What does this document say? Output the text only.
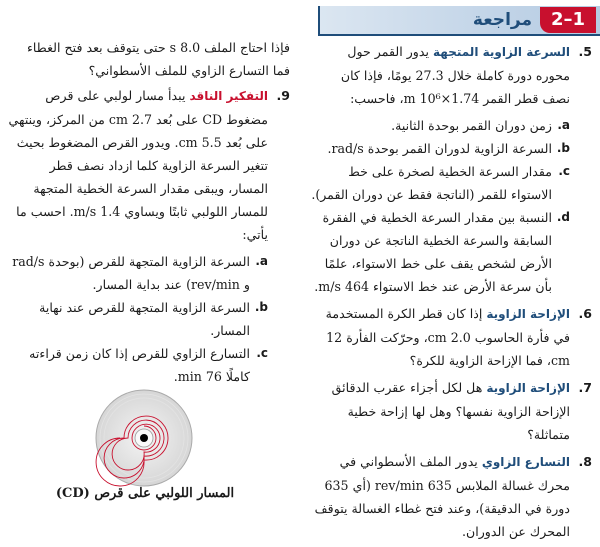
2–1
مراجعة
5.
السرعة الزاوية المتجهة يدور القمر حول محوره دورة كاملة خلال 27.3 يومًا، فإذا كان نصف قطر القمر 1.74×10⁶ m، فاحسب:
a.
زمن دوران القمر بوحدة الثانية.
b.
السرعة الزاوية لدوران القمر بوحدة rad/s.
c.
مقدار السرعة الخطية لصخرة على خط الاستواء للقمر (الناتجة فقط عن دوران القمر).
d.
النسبة بين مقدار السرعة الخطية في الفقرة السابقة والسرعة الخطية الناتجة عن دوران الأرض لشخص يقف على خط الاستواء، علمًا بأن سرعة الأرض عند خط الاستواء 464 m/s.
6.
الإزاحة الزاوية إذا كان قطر الكرة المستخدمة في فأرة الحاسوب 2.0 cm، وحرّكت الفأرة 12 cm، فما الإزاحة الزاوية للكرة؟
7.
الإزاحة الزاوية هل لكل أجزاء عقرب الدقائق الإزاحة الزاوية نفسها؟ وهل لها إزاحة خطية متماثلة؟
8.
التسارع الزاوي يدور الملف الأسطواني في محرك غسالة الملابس 635 rev/min (أي 635 دورة في الدقيقة)، وعند فتح غطاء الغسالة يتوقف المحرك عن الدوران.

فإذا احتاج الملف 8.0 s حتى يتوقف بعد فتح الغطاء فما التسارع الزاوي للملف الأسطواني؟

9.
التفكير الناقد يبدأ مسار لولبي على قرص مضغوط CD على بُعد 2.7 cm من المركز، وينتهي على بُعد 5.5 cm. ويدور القرص المضغوط بحيث تتغير السرعة الزاوية كلما ازداد نصف قطر المسار، ويبقى مقدار السرعة الخطية المتجهة للمسار اللولبي ثابتًا ويساوي 1.4 m/s. احسب ما يأتي:
a.
السرعة الزاوية المتجهة للقرص (بوحدة rad/s و rev/min) عند بداية المسار.
b.
السرعة الزاوية المتجهة للقرص عند نهاية المسار.
c.
التسارع الزاوي للقرص إذا كان زمن قراءته كاملًا 76 min.
المسار اللولبي على قرص (CD)
